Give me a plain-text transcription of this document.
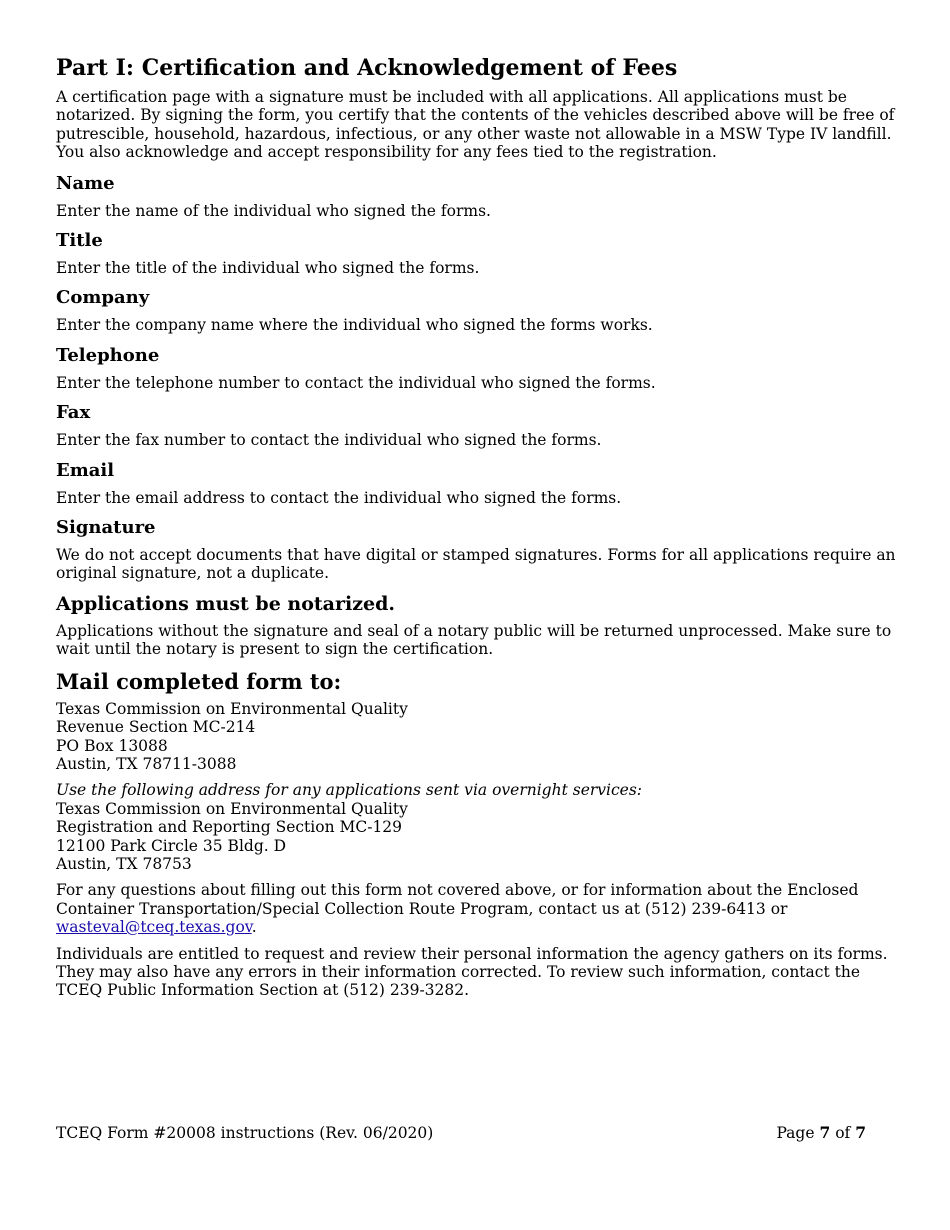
Part I: Certification and Acknowledgement of Fees

A certification page with a signature must be included with all applications. All applications must be notarized. By signing the form, you certify that the contents of the vehicles described above will be free of putrescible, household, hazardous, infectious, or any other waste not allowable in a MSW Type IV landfill. You also acknowledge and accept responsibility for any fees tied to the registration.

Name

Enter the name of the individual who signed the forms.

Title

Enter the title of the individual who signed the forms.

Company

Enter the company name where the individual who signed the forms works.

Telephone

Enter the telephone number to contact the individual who signed the forms.

Fax

Enter the fax number to contact the individual who signed the forms.

Email

Enter the email address to contact the individual who signed the forms.

Signature

We do not accept documents that have digital or stamped signatures. Forms for all applications require an original signature, not a duplicate.

Applications must be notarized.

Applications without the signature and seal of a notary public will be returned unprocessed. Make sure to wait until the notary is present to sign the certification.

Mail completed form to:
Texas Commission on Environmental Quality
Revenue Section MC-214
PO Box 13088
Austin, TX 78711-3088
Use the following address for any applications sent via overnight services:
Texas Commission on Environmental Quality
Registration and Reporting Section MC-129
12100 Park Circle 35 Bldg. D
Austin, TX 78753

For any questions about filling out this form not covered above, or for information about the Enclosed Container Transportation/Special Collection Route Program, contact us at (512) 239-6413 or wasteval@tceq.texas.gov.

Individuals are entitled to request and review their personal information the agency gathers on its forms. They may also have any errors in their information corrected. To review such information, contact the TCEQ Public Information Section at (512) 239-3282.

TCEQ Form #20008 instructions (Rev. 06/2020)	Page 7 of 7
